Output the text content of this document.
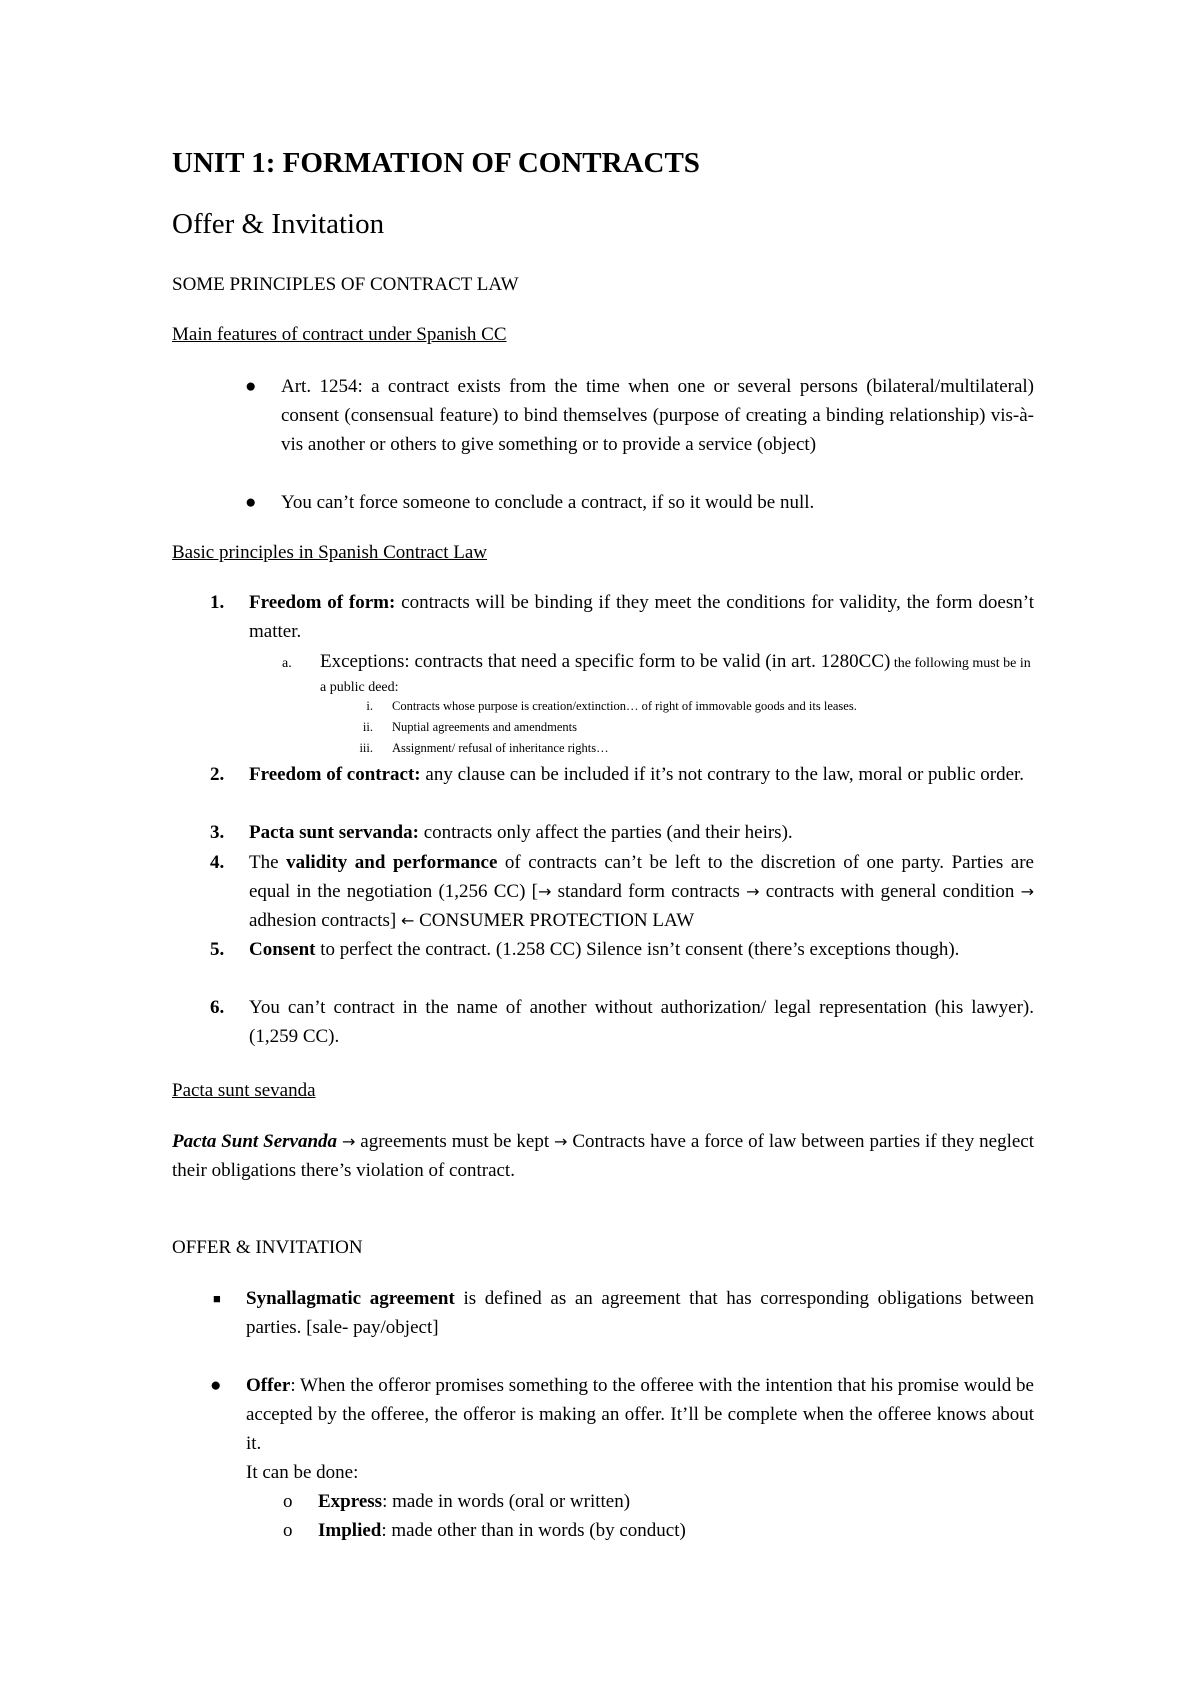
UNIT 1: FORMATION OF CONTRACTS
Offer & Invitation
SOME PRINCIPLES OF CONTRACT LAW
Main features of contract under Spanish CC
● Art. 1254: a contract exists from the time when one or several persons (bilateral/multilateral) consent (consensual feature) to bind themselves (purpose of creating a binding relationship) vis-à-vis another or others to give something or to provide a service (object)
● You can’t force someone to conclude a contract, if so it would be null.
Basic principles in Spanish Contract Law
1. Freedom of form: contracts will be binding if they meet the conditions for validity, the form doesn’t matter.
a. Exceptions: contracts that need a specific form to be valid (in art. 1280CC) the following must be in a public deed:
i. Contracts whose purpose is creation/extinction… of right of immovable goods and its leases.
ii. Nuptial agreements and amendments
iii. Assignment/ refusal of inheritance rights…
2. Freedom of contract: any clause can be included if it’s not contrary to the law, moral or public order.
3. Pacta sunt servanda: contracts only affect the parties (and their heirs).
4. The validity and performance of contracts can’t be left to the discretion of one party. Parties are equal in the negotiation (1,256 CC) [→ standard form contracts → contracts with general condition → adhesion contracts] ← CONSUMER PROTECTION LAW
5. Consent to perfect the contract. (1.258 CC) Silence isn’t consent (there’s exceptions though).
6. You can’t contract in the name of another without authorization/ legal representation (his lawyer). (1,259 CC).
Pacta sunt sevanda
Pacta Sunt Servanda → agreements must be kept → Contracts have a force of law between parties if they neglect their obligations there’s violation of contract.
OFFER & INVITATION
■ Synallagmatic agreement is defined as an agreement that has corresponding obligations between parties. [sale- pay/object]
● Offer: When the offeror promises something to the offeree with the intention that his promise would be accepted by the offeree, the offeror is making an offer. It’ll be complete when the offeree knows about it.
It can be done:
o Express: made in words (oral or written)
o Implied: made other than in words (by conduct)
